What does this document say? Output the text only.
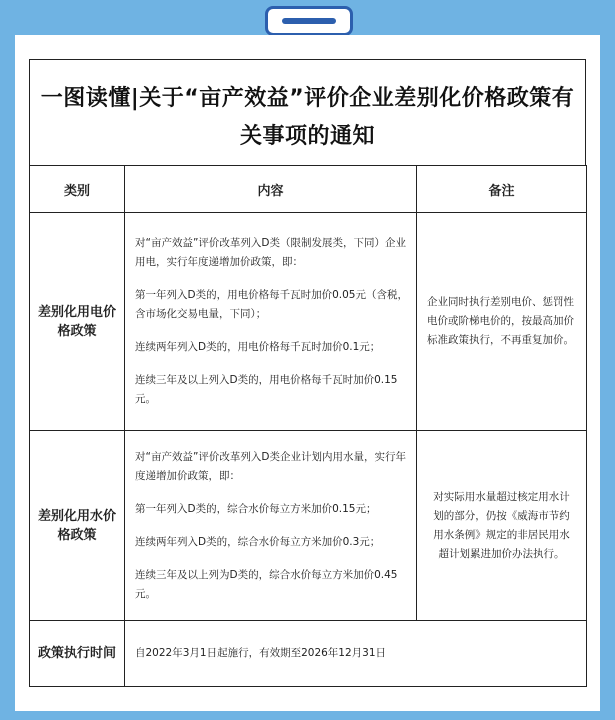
一图读懂|关于“亩产效益”评价企业差别化价格政策有关事项的通知
类别	内容	备注
差别化用电价格政策	对“亩产效益”评价改革列入D类（限制发展类，下同）企业用电，实行年度递增加价政策，即：

第一年列入D类的，用电价格每千瓦时加价0.05元（含税，含市场化交易电量，下同）；

连续两年列入D类的，用电价格每千瓦时加价0.1元；

连续三年及以上列入D类的，用电价格每千瓦时加价0.15元。	企业同时执行差别电价、惩罚性电价或阶梯电价的，按最高加价标准政策执行，不再重复加价。
差别化用水价格政策	对“亩产效益”评价改革列入D类企业计划内用水量，实行年度递增加价政策，即：

第一年列入D类的，综合水价每立方米加价0.15元；

连续两年列入D类的，综合水价每立方米加价0.3元；

连续三年及以上列为D类的，综合水价每立方米加价0.45元。	对实际用水量超过核定用水计划的部分，仍按《威海市节约用水条例》规定的非居民用水超计划累进加价办法执行。
政策执行时间	自2022年3月1日起施行，有效期至2026年12月31日	
